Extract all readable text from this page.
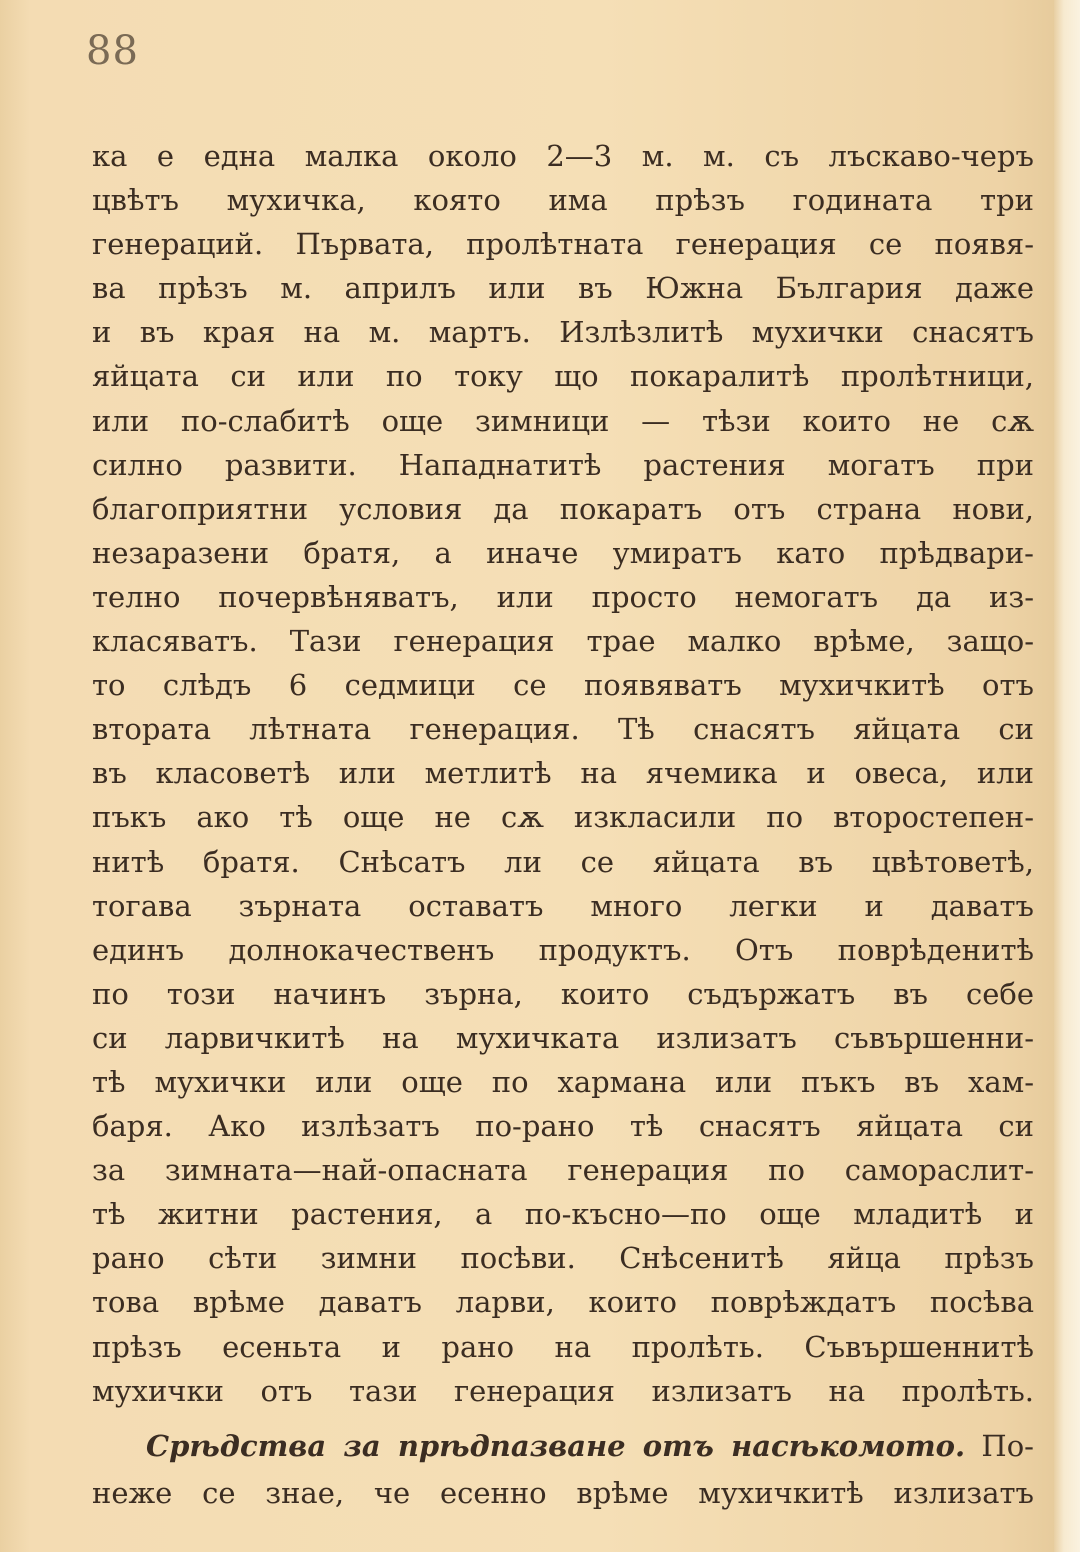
88
ка е една малка около 2—3 м. м. съ лъскаво-черъ
цвѣтъ мухичка, която има прѣзъ годината три
генераций. Първата, пролѣтната генерация се появя-
ва прѣзъ м. априлъ или въ Южна България даже
и въ края на м. мартъ. Излѣзлитѣ мухички снасятъ
яйцата си или по току що покаралитѣ пролѣтници,
или по-слабитѣ още зимници — тѣзи които не сѫ
силно развити. Нападнатитѣ растения могатъ при
благоприятни условия да покаратъ отъ страна нови,
незаразени братя, а иначе умиратъ като прѣдвари-
телно почервѣняватъ, или просто немогатъ да из-
класяватъ. Тази генерация трае малко врѣме, защо-
то слѣдъ 6 седмици се появяватъ мухичкитѣ отъ
втората лѣтната генерация. Тѣ снасятъ яйцата си
въ класоветѣ или метлитѣ на ячемика и овеса, или
пъкъ ако тѣ още не сѫ изкласили по второстепен-
нитѣ братя. Снѣсатъ ли се яйцата въ цвѣтоветѣ,
тогава зърната оставатъ много легки и даватъ
единъ долнокачественъ продуктъ. Отъ поврѣденитѣ
по този начинъ зърна, които съдържатъ въ себе
си ларвичкитѣ на мухичката излизатъ съвършенни-
тѣ мухички или още по хармана или пъкъ въ хам-
баря. Ако излѣзатъ по-рано тѣ снасятъ яйцата си
за зимната—най-опасната генерация по самораслит-
тѣ житни растения, а по-късно—по още младитѣ и
рано сѣти зимни посѣви. Снѣсенитѣ яйца прѣзъ
това врѣме даватъ ларви, които поврѣждатъ посѣва
прѣзъ есеньта и рано на пролѣть. Съвършеннитѣ
мухички отъ тази генерация излизатъ на пролѣть.
Срѣдства за прѣдпазване отъ насѣкомото. По-
неже се знае, че есенно врѣме мухичкитѣ излизатъ
